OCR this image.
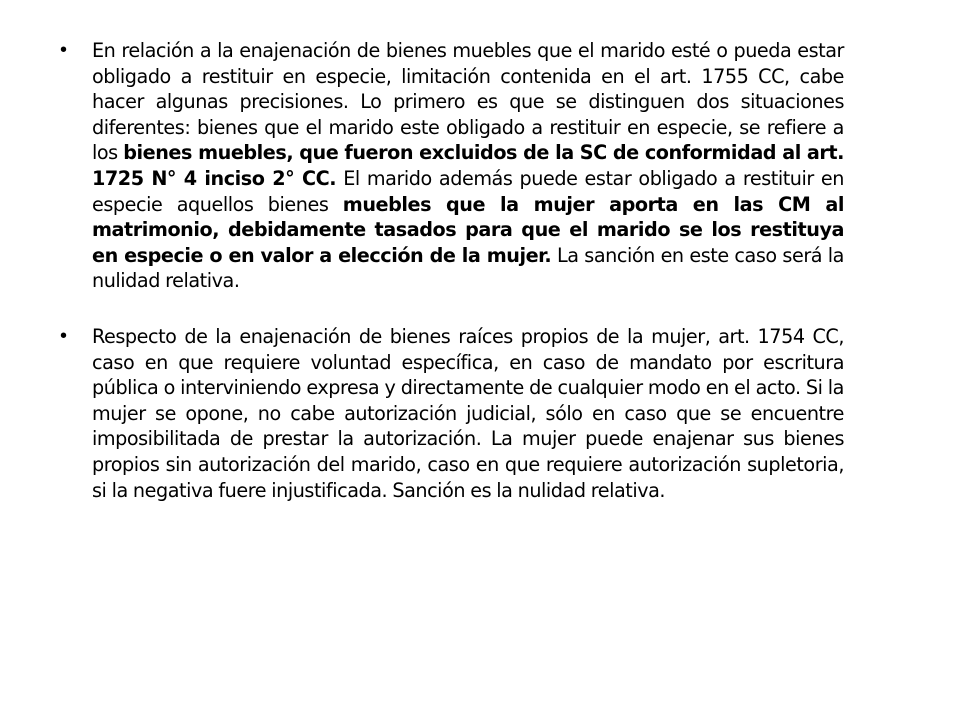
• En relación a la enajenación de bienes muebles que el marido esté o pueda estar obligado a restituir en especie, limitación contenida en el art. 1755 CC, cabe hacer algunas precisiones. Lo primero es que se distinguen dos situaciones diferentes: bienes que el marido este obligado a restituir en especie, se refiere a los bienes muebles, que fueron excluidos de la SC de conformidad al art. 1725 N° 4 inciso 2° CC. El marido además puede estar obligado a restituir en especie aquellos bienes muebles que la mujer aporta en las CM al matrimonio, debidamente tasados para que el marido se los restituya en especie o en valor a elección de la mujer. La sanción en este caso será la nulidad relativa.

• Respecto de la enajenación de bienes raíces propios de la mujer, art. 1754 CC, caso en que requiere voluntad específica, en caso de mandato por escritura pública o interviniendo expresa y directamente de cualquier modo en el acto. Si la mujer se opone, no cabe autorización judicial, sólo en caso que se encuentre imposibilitada de prestar la autorización. La mujer puede enajenar sus bienes propios sin autorización del marido, caso en que requiere autorización supletoria, si la negativa fuere injustificada. Sanción es la nulidad relativa.
